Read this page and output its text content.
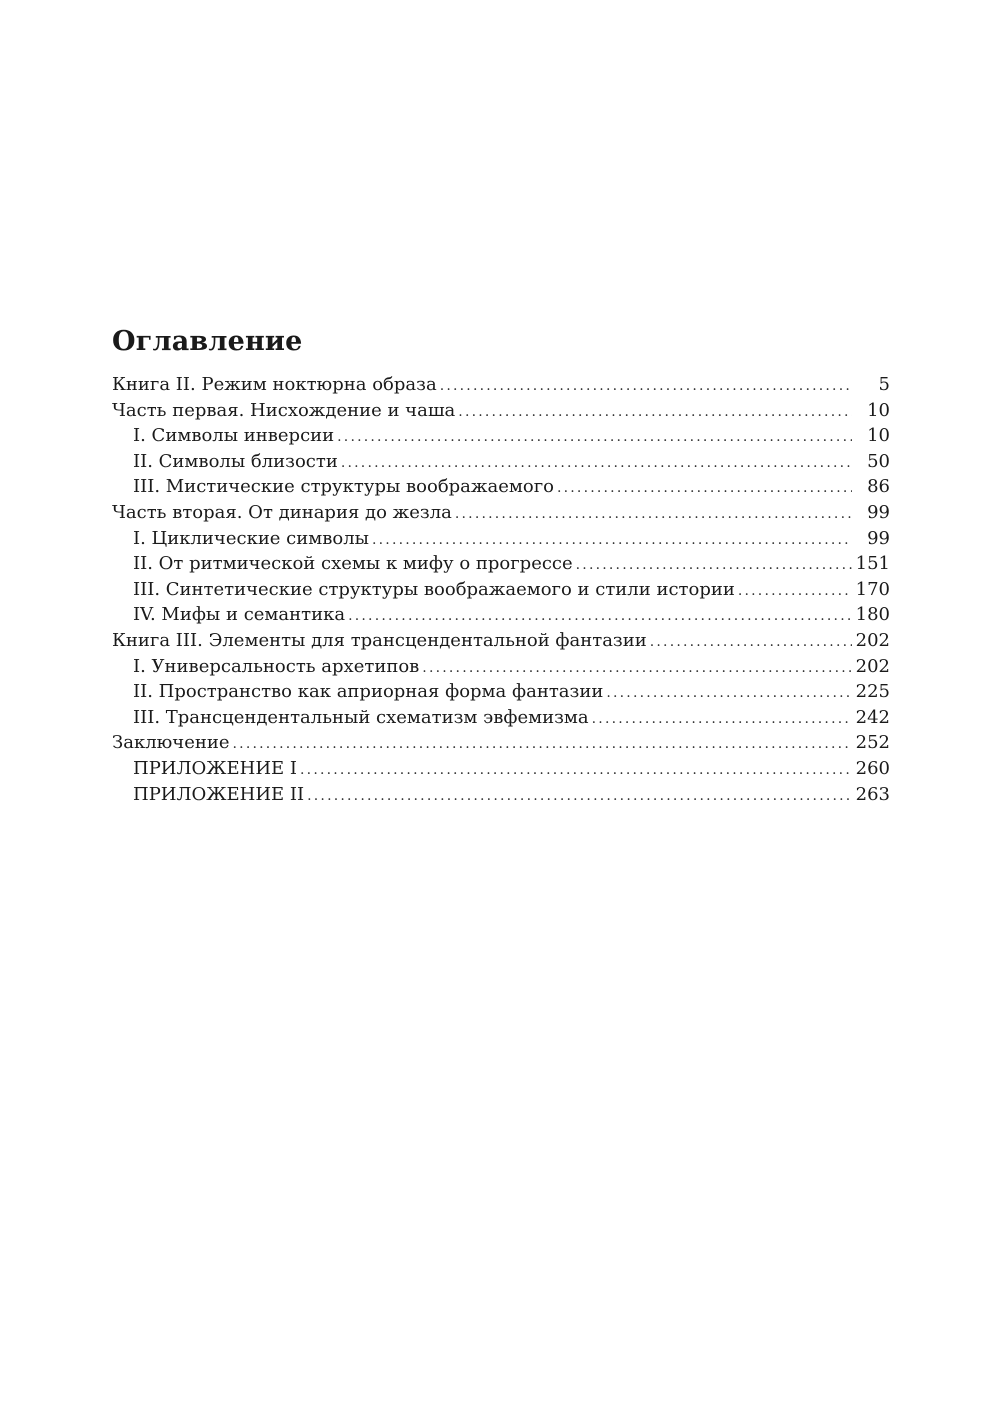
Оглавление
Книга II. Режим ноктюрна образа .....	5
Часть первая. Нисхождение и чаша .....	10
I. Символы инверсии .....	10
II. Символы близости .....	50
III. Мистические структуры воображаемого .....	86
Часть вторая. От динария до жезла .....	99
I. Циклические символы .....	99
II. От ритмической схемы к мифу о прогрессе .....	151
III. Синтетические структуры воображаемого и стили истории .....	170
IV. Мифы и семантика .....	180
Книга III. Элементы для трансцендентальной фантазии .....	202
I. Универсальность архетипов .....	202
II. Пространство как априорная форма фантазии .....	225
III. Трансцендентальный схематизм эвфемизма .....	242
Заключение .....	252
ПРИЛОЖЕНИЕ I .....	260
ПРИЛОЖЕНИЕ II .....	263
